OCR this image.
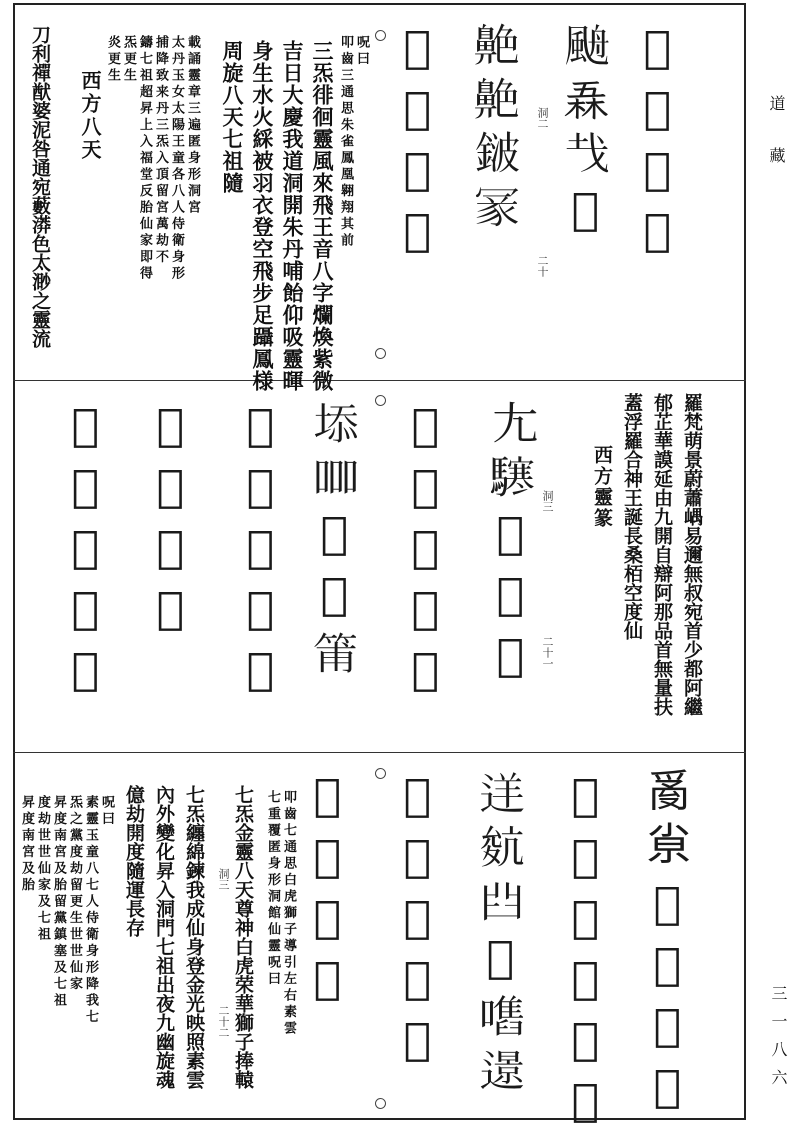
道藏
三一八六
𨒵𪓋𡿜𡗎
𩗋𠄻𢦏𠟹
洞二
二十
𦫱𦫱𨨏𠖔
𦖌𥤽𦦘𦽊
三炁徘徊靈風來飛王音八字爛煥紫微
吉日大慶我道洞開朱丹哺飴仰吸靈暉
身生水火綵被羽衣登空飛步足躡鳳様
周旋八天七祖隨	呪曰
叩齒三通思朱雀鳳凰翱翔其前
載誦靈章三遍匿身形洞宮
太丹玉女太陽王童各八人侍衛身形
捕降致来丹三炁入頂留宮萬劫不
鑄七祖超昇上入福堂反胎仙家即得
炁更生
炎更生
西方八天
刀利禪猷婆泥咎通宛藪漭色太渺之靈流
羅梵萌景蔚蕭嵎易邇無叔宛首少都阿繼
郁芷華謨延由九開自辯阿那品首無量扶
蓋浮羅合神王誕長桑栢空度仙
西方靈篆
𡯁𩦊𦑷𡢐𧫂 洞三
二十一
𨗇𨗇𨗇𠎚𠎛
𡍞𠱠𨗇𠓘𥮉
𡗄𩦊𦦏𧧢𢽏
𥴳𧭢𨗇𡕢
𦾛𡙊𨠪𧪁𠎚
𤔔𡭴𦥷𦰯𧭔𦱢
𨠹𩧐𡘋𨓏𨎜𨁁
𨒫𡕬𦥒𥹗𡁫𨗈
𠛺𨗟𦥒𩗎𧦦
𨔑𨖮𦫵𨖍
叩齒七通思白虎獅子導引左右素雲
七重覆匿身形洞館仙靈呪曰
洞三
二十二 七炁金靈八天尊神白虎荣華獅子捧轅
七炁纏綿鍊我成仙身登金光映照素雲
內外變化昇入洞門七祖出夜九幽旋魂
億劫開度隨運長存
呪曰
素靈玉童八七人侍衛身形降我七
炁之黨度劫留更生世世仙家
昇度南宮及胎留黨鎮塞及七祖
度劫世世仙家及七祖
昇度南宮及胎
